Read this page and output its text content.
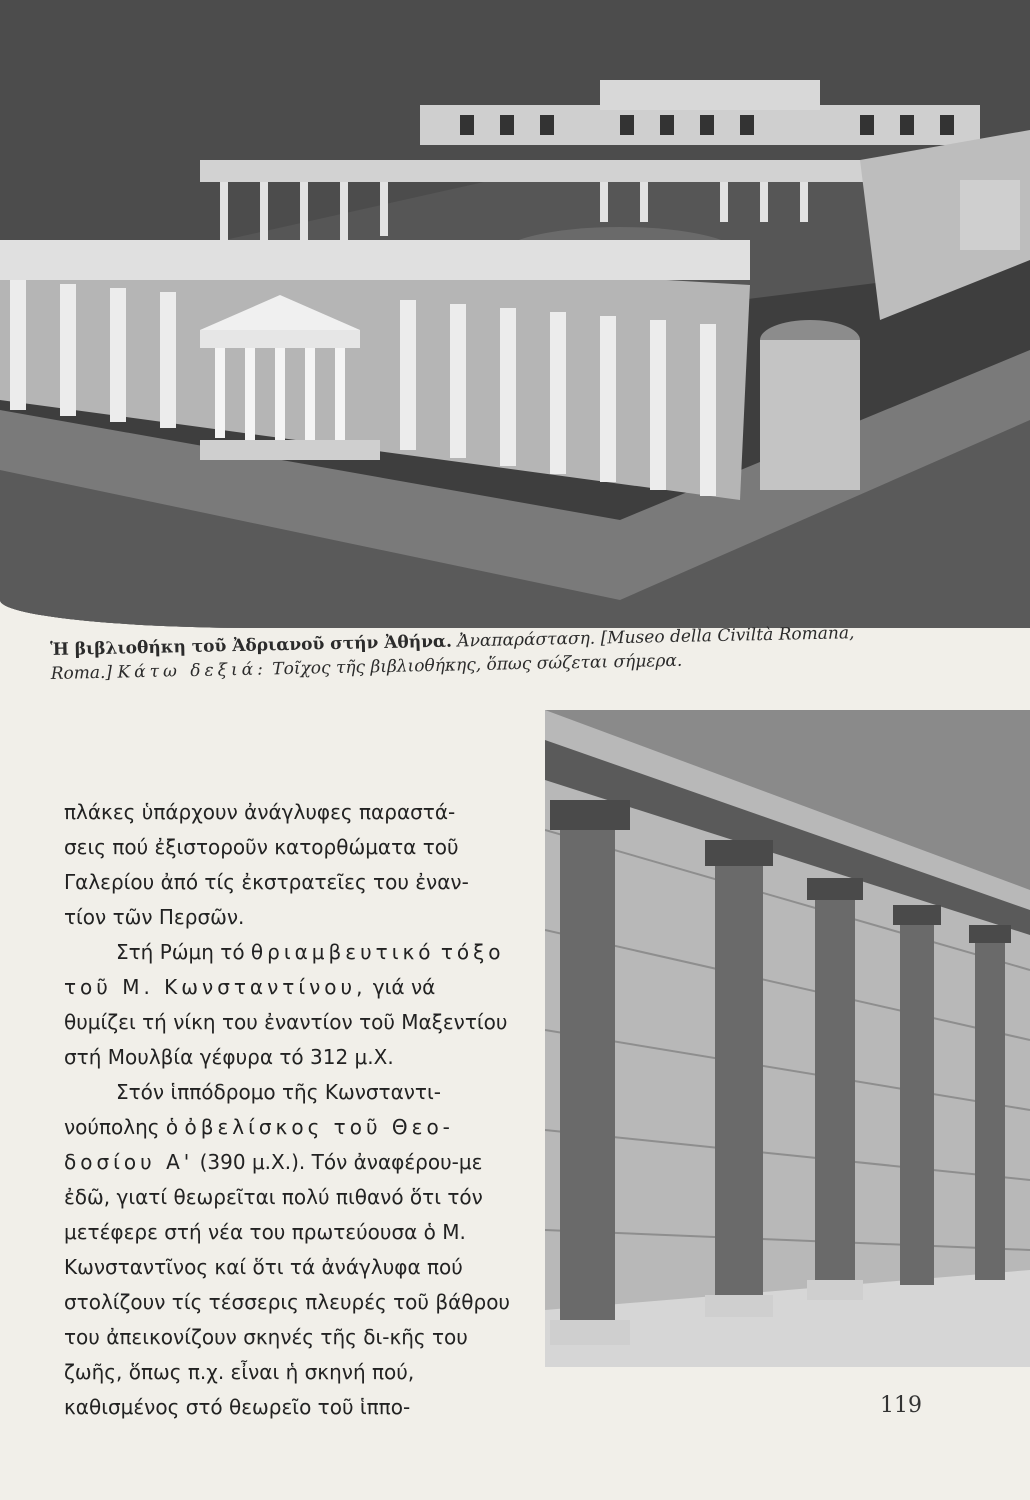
Ἡ βιβλιοθήκη τοῦ Ἀδριανοῦ στήν Ἀθήνα. Ἀναπαράσταση. [Museo della Civiltà Romana,
Roma.] Κάτω δεξιά: Τοῖχος τῆς βιβλιοθήκης, ὅπως σώζεται σήμερα.

πλάκες ὑπάρχουν ἀνάγλυφες παραστά-

σεις πού ἐξιστοροῦν κατορθώματα τοῦ

Γαλερίου ἀπό τίς ἐκστρατεῖες του ἐναν-

τίον τῶν Περσῶν.

Στή Ρώμη τό θριαμβευτικό τόξο τοῦ Μ. Κωνσταντίνου, γιά νά θυμίζει τή νίκη του ἐναντίον τοῦ Μαξεντίου στή Μουλβία γέφυρα τό 312 μ.Χ.

Στόν ἱππόδρομο τῆς Κωνσταντι-νούπολης ὁ ὀβελίσκος τοῦ Θεο- δοσίου Α' (390 μ.Χ.). Τόν ἀναφέρου-με ἐδῶ, γιατί θεωρεῖται πολύ πιθανό ὅτι τόν μετέφερε στή νέα του πρωτεύουσα ὁ Μ. Κωνσταντῖνος καί ὅτι τά ἀνάγλυφα πού στολίζουν τίς τέσσερις πλευρές τοῦ βάθρου του ἀπεικονίζουν σκηνές τῆς δι-κῆς του ζωῆς, ὅπως π.χ. εἶναι ἡ σκηνή πού, καθισμένος στό θεωρεῖο τοῦ ἱππο-	119
